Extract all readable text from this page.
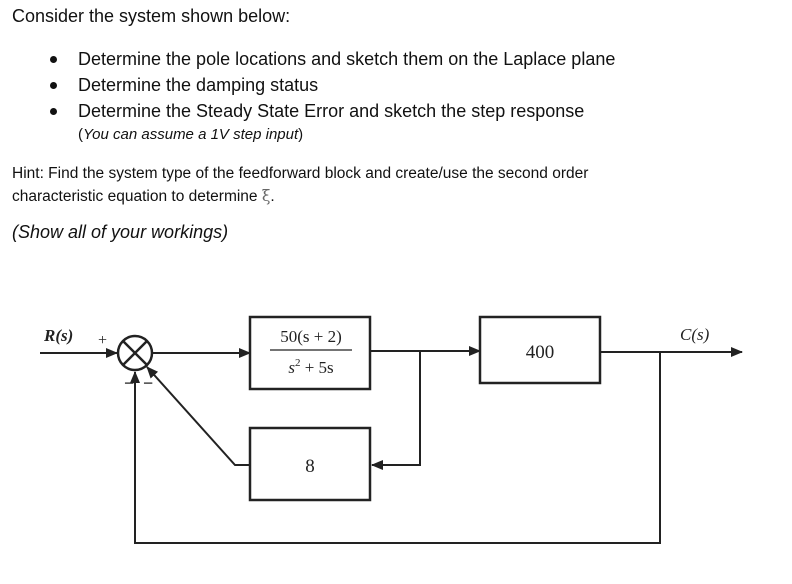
Consider the system shown below:
Determine the pole locations and sketch them on the Laplace plane
Determine the damping status
Determine the Steady State Error and sketch the step response
(You can assume a 1V step input)
Hint: Find the system type of the feedforward block and create/use the second order
characteristic equation to determine ξ.
(Show all of your workings)
R(s) +
− −
C(s)
50(s + 2)
$s^2 + 5s$
400
8
